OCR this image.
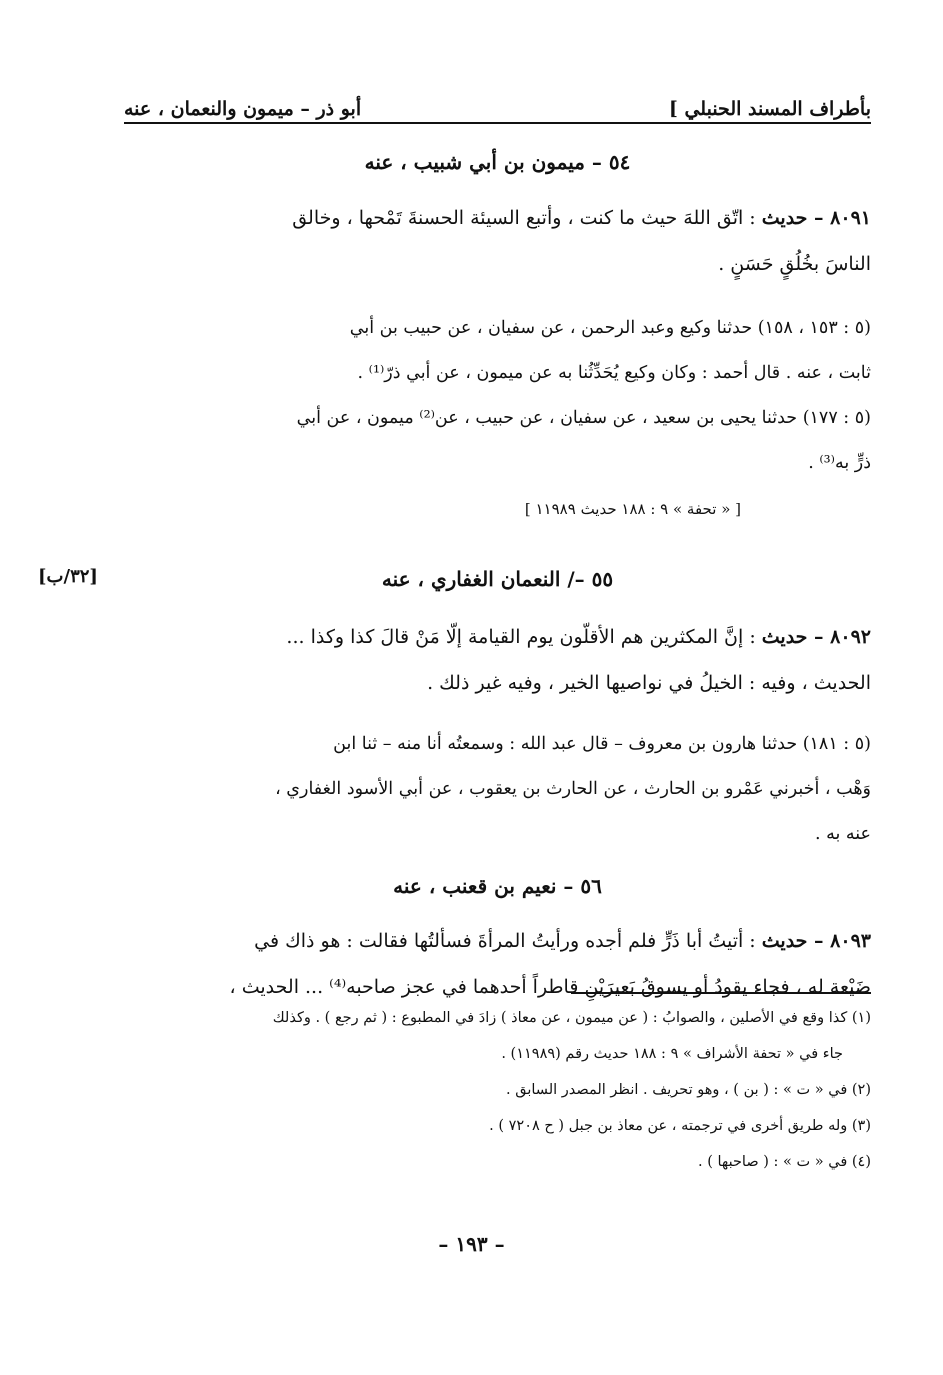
بأطراف المسند الحنبلي ]
أبو ذر – ميمون والنعمان ، عنه
٥٤ – ميمون بن أبي شبيب ، عنه
٨٠٩١ – حديث : اتّق اللهَ حيث ما كنت ، وأتبع السيئة الحسنةَ تَمْحها ، وخالق
الناسَ بخُلُقٍ حَسَنٍ .
(٥ : ١٥٣ ، ١٥٨) حدثنا وكيع وعبد الرحمن ، عن سفيان ، عن حبيب بن أبي
ثابت ، عنه . قال أحمد : وكان وكيع يُحَدِّثُنا به عن ميمون ، عن أبي ذرّ⁽¹⁾ .
(٥ : ١٧٧) حدثنا يحيى بن سعيد ، عن سفيان ، عن حبيب ، عن⁽²⁾ ميمون ، عن أبي
ذرٍّ به⁽³⁾ .
[ « تحفة » ٩ : ١٨٨ حديث ١١٩٨٩ ]
[٣٢/ب]	٥٥ –/ النعمان الغفاري ، عنه
٨٠٩٢ – حديث : إنَّ المكثرين هم الأقلّون يوم القيامة إلّا مَنْ قالَ كذا وكذا ...
الحديث ، وفيه : الخيلُ في نواصيها الخير ، وفيه غير ذلك .
(٥ : ١٨١) حدثنا هارون بن معروف – قال عبد الله : وسمعتُه أنا منه – ثنا ابن
وَهْب ، أخبرني عَمْرو بن الحارث ، عن الحارث بن يعقوب ، عن أبي الأسود الغفاري ،
عنه به .
٥٦ – نعيم بن قعنب ، عنه
٨٠٩٣ – حديث : أتيتُ أبا ذَرٍّ فلم أجده ورأيتُ المرأةَ فسألتُها فقالت : هو ذاك في
ضَيْعة له ، فجاء يقودُ أو يسوقُ بَعيرَيْنِ قاطراً أحدهما في عجز صاحبه⁽⁴⁾ ... الحديث ،
(١) كذا وقع في الأصلين ، والصوابُ : ( عن ميمون ، عن معاذ ) زادَ في المطبوع : ( ثم رجع ) . وكذلك
جاء في « تحفة الأشراف » ٩ : ١٨٨ حديث رقم (١١٩٨٩) .
(٢) في « ت » : ( بن ) ، وهو تحريف . انظر المصدر السابق .
(٣) وله طريق أخرى في ترجمته ، عن معاذ بن جبل ( ح ٧٢٠٨ ) .
(٤) في « ت » : ( صاحبها ) .
– ١٩٣ –
